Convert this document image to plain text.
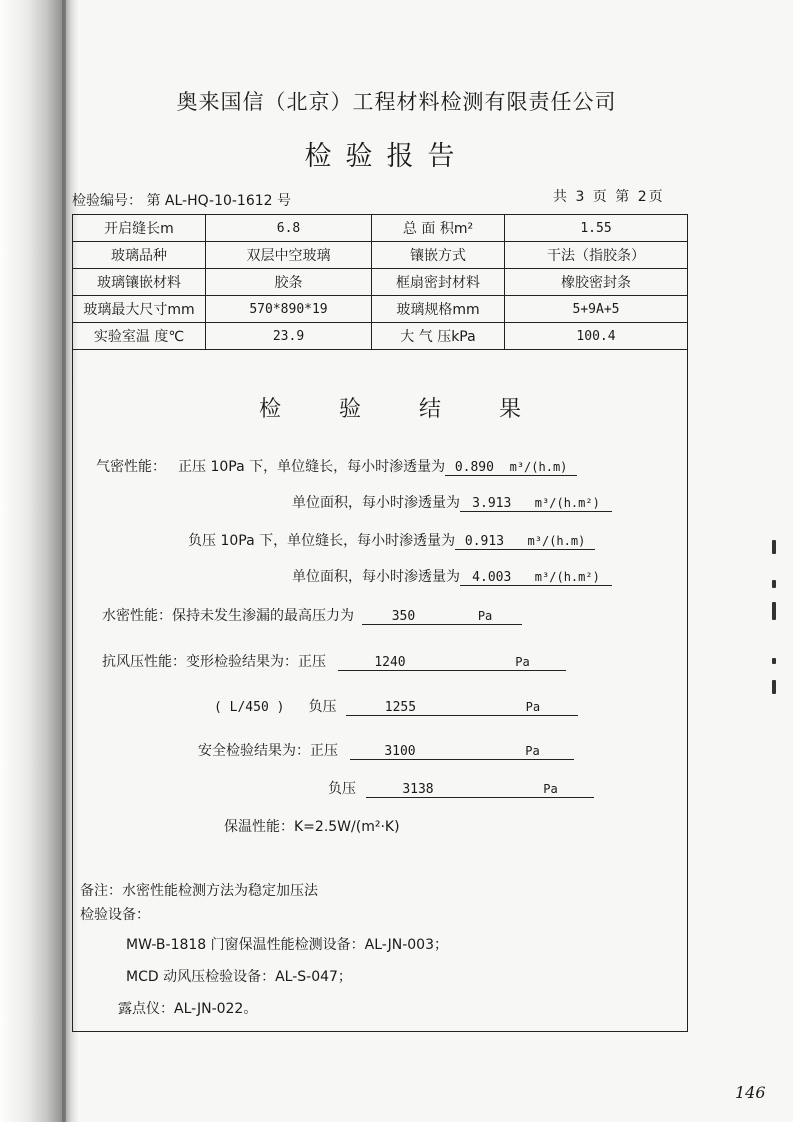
奥来国信（北京）工程材料检测有限责任公司
检验报告
检验编号： 第 AL-HQ-10-1612 号	共 3 页 第 2页
开启缝长m	6.8	总 面 积m²	1.55
玻璃品种	双层中空玻璃	镶嵌方式	干法（指胶条）
玻璃镶嵌材料	胶条	框扇密封材料	橡胶密封条
玻璃最大尺寸mm	570*890*19	玻璃规格mm	5+9A+5
实验室温 度℃	23.9	大 气 压kPa	100.4
检验结果
气密性能： 正压 10Pa 下，单位缝长，每小时渗透量为 0.890 m³/(h.m)
单位面积，每小时渗透量为 3.913 m³/(h.m²)
负压 10Pa 下，单位缝长，每小时渗透量为 0.913 m³/(h.m)
单位面积，每小时渗透量为 4.003 m³/(h.m²)
水密性能：保持未发生渗漏的最高压力为	350	Pa
抗风压性能：变形检验结果为：正压	1240	Pa
( L/450 ) 负压	1255	Pa
安全检验结果为：正压	3100	Pa
负压	3138	Pa
保温性能：K=2.5W/(m²·K)
备注：水密性能检测方法为稳定加压法
检验设备：
MW-B-1818 门窗保温性能检测设备：AL-JN-003；
MCD 动风压检验设备：AL-S-047；
露点仪：AL-JN-022。
146
